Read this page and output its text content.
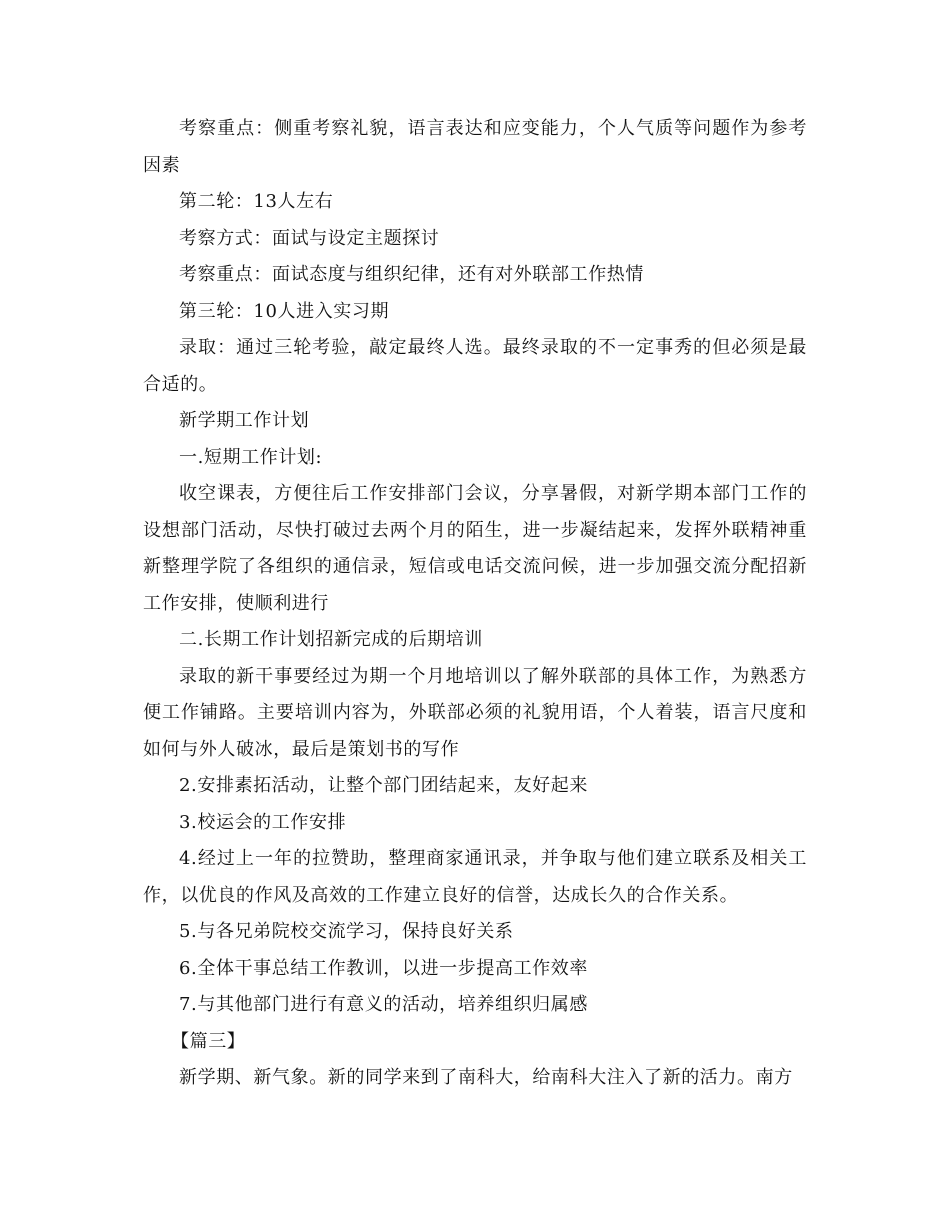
考察重点：侧重考察礼貌，语言表达和应变能力，个人气质等问题作为参考因素

第二轮：13人左右

考察方式：面试与设定主题探讨

考察重点：面试态度与组织纪律，还有对外联部工作热情

第三轮：10人进入实习期

录取：通过三轮考验，敲定最终人选。最终录取的不一定事秀的但必须是最合适的。

新学期工作计划

一.短期工作计划:

收空课表，方便往后工作安排部门会议，分享暑假，对新学期本部门工作的设想部门活动，尽快打破过去两个月的陌生，进一步凝结起来，发挥外联精神重新整理学院了各组织的通信录，短信或电话交流问候，进一步加强交流分配招新工作安排，使顺利进行

二.长期工作计划招新完成的后期培训

录取的新干事要经过为期一个月地培训以了解外联部的具体工作，为熟悉方便工作铺路。主要培训内容为，外联部必须的礼貌用语，个人着装，语言尺度和如何与外人破冰，最后是策划书的写作

2.安排素拓活动，让整个部门团结起来，友好起来

3.校运会的工作安排

4.经过上一年的拉赞助，整理商家通讯录，并争取与他们建立联系及相关工作，以优良的作风及高效的工作建立良好的信誉，达成长久的合作关系。

5.与各兄弟院校交流学习，保持良好关系

6.全体干事总结工作教训，以进一步提高工作效率

7.与其他部门进行有意义的活动，培养组织归属感

【篇三】

新学期、新气象。新的同学来到了南科大，给南科大注入了新的活力。南方
